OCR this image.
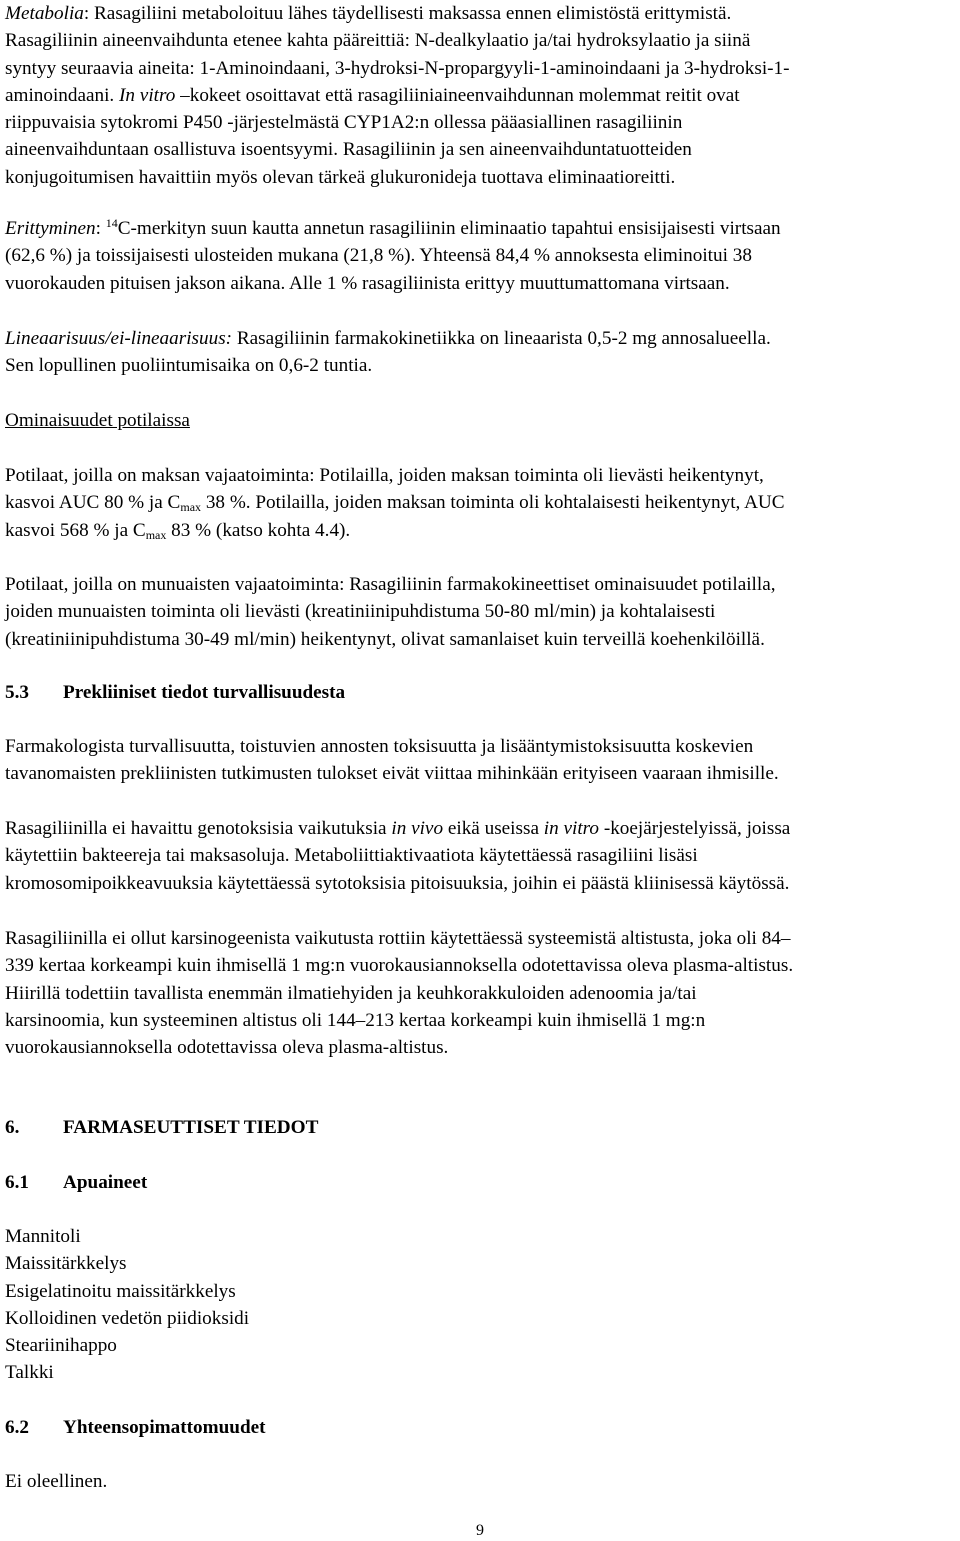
Metabolia: Rasagiliini metaboloituu lähes täydellisesti maksassa ennen elimistöstä erittymistä.
Rasagiliinin aineenvaihdunta etenee kahta pääreittiä: N-dealkylaatio ja/tai hydroksylaatio ja siinä
syntyy seuraavia aineita: 1-Aminoindaani, 3-hydroksi-N-propargyyli-1-aminoindaani ja 3-hydroksi-1-
aminoindaani. In vitro –kokeet osoittavat että rasagiliiniaineenvaihdunnan molemmat reitit ovat
riippuvaisia sytokromi P450 -järjestelmästä CYP1A2:n ollessa pääasiallinen rasagiliinin
aineenvaihduntaan osallistuva isoentsyymi. Rasagiliinin ja sen aineenvaihduntatuotteiden
konjugoitumisen havaittiin myös olevan tärkeä glukuronideja tuottava eliminaatioreitti.

Erittyminen: $^{14}$C-merkityn suun kautta annetun rasagiliinin eliminaatio tapahtui ensisijaisesti virtsaan
(62,6 %) ja toissijaisesti ulosteiden mukana (21,8 %). Yhteensä 84,4 % annoksesta eliminoitui 38
vuorokauden pituisen jakson aikana. Alle 1 % rasagiliinista erittyy muuttumattomana virtsaan.

Lineaarisuus/ei-lineaarisuus: Rasagiliinin farmakokinetiikka on lineaarista 0,5-2 mg annosalueella.
Sen lopullinen puoliintumisaika on 0,6-2 tuntia.

Ominaisuudet potilaissa

Potilaat, joilla on maksan vajaatoiminta: Potilailla, joiden maksan toiminta oli lievästi heikentynyt,
kasvoi AUC 80 % ja $C_{max}$ 38 %. Potilailla, joiden maksan toiminta oli kohtalaisesti heikentynyt, AUC
kasvoi 568 % ja $C_{max}$ 83 % (katso kohta 4.4).

Potilaat, joilla on munuaisten vajaatoiminta: Rasagiliinin farmakokineettiset ominaisuudet potilailla,
joiden munuaisten toiminta oli lievästi (kreatiniinipuhdistuma 50-80 ml/min) ja kohtalaisesti
(kreatiniinipuhdistuma 30-49 ml/min) heikentynyt, olivat samanlaiset kuin terveillä koehenkilöillä.

5.3 Prekliiniset tiedot turvallisuudesta

Farmakologista turvallisuutta, toistuvien annosten toksisuutta ja lisääntymistoksisuutta koskevien
tavanomaisten prekliinisten tutkimusten tulokset eivät viittaa mihinkään erityiseen vaaraan ihmisille.

Rasagiliinilla ei havaittu genotoksisia vaikutuksia in vivo eikä useissa in vitro -koejärjestelyissä, joissa
käytettiin bakteereja tai maksasoluja. Metaboliittiaktivaatiota käytettäessä rasagiliini lisäsi
kromosomipoikkeavuuksia käytettäessä sytotoksisia pitoisuuksia, joihin ei päästä kliinisessä käytössä.

Rasagiliinilla ei ollut karsinogeenista vaikutusta rottiin käytettäessä systeemistä altistusta, joka oli 84–
339 kertaa korkeampi kuin ihmisellä 1 mg:n vuorokausiannoksella odotettavissa oleva plasma-altistus.
Hiirillä todettiin tavallista enemmän ilmatiehyiden ja keuhkorakkuloiden adenoomia ja/tai
karsinoomia, kun systeeminen altistus oli 144–213 kertaa korkeampi kuin ihmisellä 1 mg:n
vuorokausiannoksella odotettavissa oleva plasma-altistus.

6. FARMASEUTTISET TIEDOT

6.1 Apuaineet

Mannitoli
Maissitärkkelys
Esigelatinoitu maissitärkkelys
Kolloidinen vedetön piidioksidi
Steariinihappo
Talkki

6.2 Yhteensopimattomuudet

Ei oleellinen.

9
